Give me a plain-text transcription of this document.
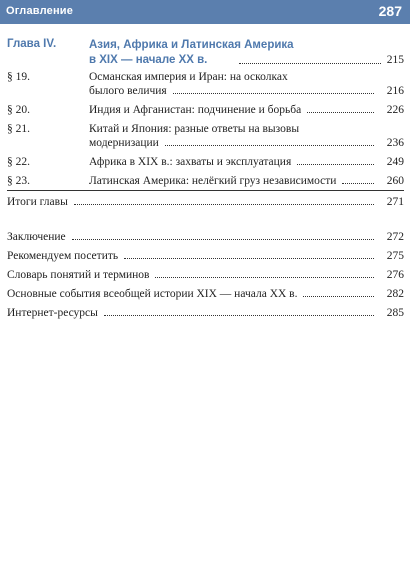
Оглавление	287
Глава IV.	Азия, Африка и Латинская Америка
в XIX — начале XX в.	215
§ 19.	Османская империя и Иран: на осколках
былого величия	216
§ 20.	Индия и Афганистан: подчинение и борьба	226
§ 21.	Китай и Япония: разные ответы на вызовы
модернизации	236
§ 22.	Африка в XIX в.: захваты и эксплуатация	249
§ 23.	Латинская Америка: нелёгкий груз независимости	260
Итоги главы	271
Заключение	272
Рекомендуем посетить	275
Словарь понятий и терминов	276
Основные события всеобщей истории XIX — начала XX в.	282
Интернет-ресурсы	285
